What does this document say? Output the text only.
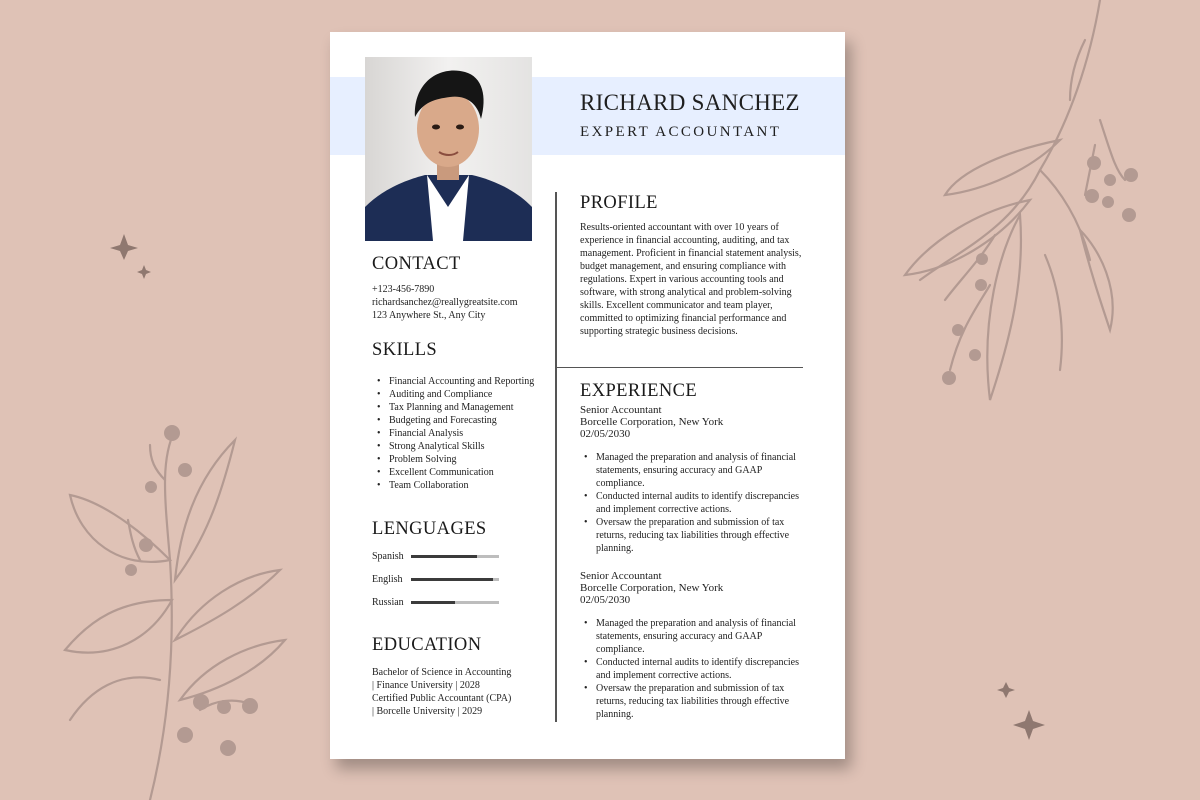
RICHARD SANCHEZ
EXPERT ACCOUNTANT
CONTACT
+123-456-7890
richardsanchez@reallygreatsite.com
123 Anywhere St., Any City
SKILLS
• Financial Accounting and Reporting
• Auditing and Compliance
• Tax Planning and Management
• Budgeting and Forecasting
• Financial Analysis
• Strong Analytical Skills
• Problem Solving
• Excellent Communication
• Team Collaboration
LENGUAGES
Spanish
English
Russian
EDUCATION
Bachelor of Science in Accounting
| Finance University | 2028
Certified Public Accountant (CPA)
| Borcelle University | 2029
PROFILE
Results-oriented accountant with over 10 years of experience in financial accounting, auditing, and tax management. Proficient in financial statement analysis, budget management, and ensuring compliance with regulations. Expert in various accounting tools and software, with strong analytical and problem-solving skills. Excellent communicator and team player, committed to optimizing financial performance and supporting strategic business decisions.
EXPERIENCE
Senior Accountant
Borcelle Corporation, New York
02/05/2030
• Managed the preparation and analysis of financial statements, ensuring accuracy and GAAP compliance.
• Conducted internal audits to identify discrepancies and implement corrective actions.
• Oversaw the preparation and submission of tax returns, reducing tax liabilities through effective planning.
Senior Accountant
Borcelle Corporation, New York
02/05/2030
• Managed the preparation and analysis of financial statements, ensuring accuracy and GAAP compliance.
• Conducted internal audits to identify discrepancies and implement corrective actions.
• Oversaw the preparation and submission of tax returns, reducing tax liabilities through effective planning.
